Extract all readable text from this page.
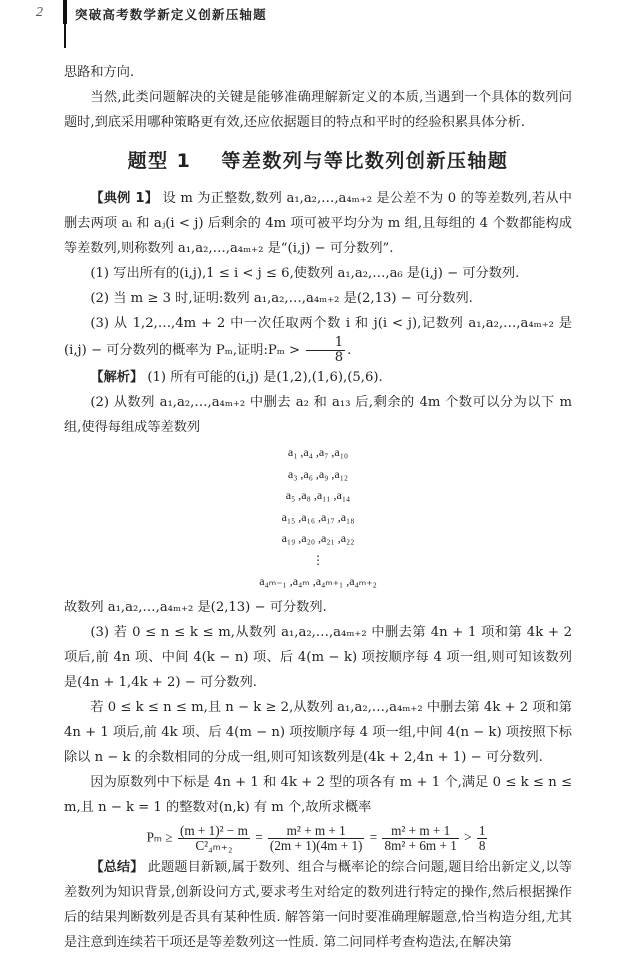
2	突破高考数学新定义创新压轴题

思路和方向.

当然,此类问题解决的关键是能够准确理解新定义的本质,当遇到一个具体的数列问题时,到底采用哪种策略更有效,还应依据题目的特点和平时的经验积累具体分析.

题型 1 等差数列与等比数列创新压轴题

【典例 1】 设 m 为正整数,数列 a₁,a₂,…,a₄ₘ₊₂ 是公差不为 0 的等差数列,若从中删去两项 aᵢ 和 aⱼ(i < j) 后剩余的 4m 项可被平均分为 m 组,且每组的 4 个数都能构成等差数列,则称数列 a₁,a₂,…,a₄ₘ₊₂ 是“(i,j) − 可分数列”.

(1) 写出所有的(i,j),1 ≤ i < j ≤ 6,使数列 a₁,a₂,…,a₆ 是(i,j) − 可分数列.

(2) 当 m ≥ 3 时,证明:数列 a₁,a₂,…,a₄ₘ₊₂ 是(2,13) − 可分数列.

(3) 从 1,2,…,4m + 2 中一次任取两个数 i 和 j(i < j),记数列 a₁,a₂,…,a₄ₘ₊₂ 是(i,j) − 可分数列的概率为 Pₘ,证明:Pₘ > $\frac{1}{8}$ .

【解析】 (1) 所有可能的(i,j) 是(1,2),(1,6),(5,6).

(2) 从数列 a₁,a₂,…,a₄ₘ₊₂ 中删去 a₂ 和 a₁₃ 后,剩余的 4m 个数可以分为以下 m 组,使得每组成等差数列

a₁ ,a₄ ,a₇ ,a₁₀
a₃ ,a₆ ,a₉ ,a₁₂
a₅ ,a₈ ,a₁₁ ,a₁₄
a₁₅ ,a₁₆ ,a₁₇ ,a₁₈
a₁₉ ,a₂₀ ,a₂₁ ,a₂₂
⋮
a₄ₘ₋₁ ,a₄ₘ ,a₄ₘ₊₁ ,a₄ₘ₊₂

故数列 a₁,a₂,…,a₄ₘ₊₂ 是(2,13) − 可分数列.

(3) 若 0 ≤ n ≤ k ≤ m,从数列 a₁,a₂,…,a₄ₘ₊₂ 中删去第 4n + 1 项和第 4k + 2 项后,前 4n 项、中间 4(k − n) 项、后 4(m − k) 项按顺序每 4 项一组,则可知该数列是(4n + 1,4k + 2) − 可分数列.

若 0 ≤ k ≤ n ≤ m,且 n − k ≥ 2,从数列 a₁,a₂,…,a₄ₘ₊₂ 中删去第 4k + 2 项和第 4n + 1 项后,前 4k 项、后 4(m − n) 项按顺序每 4 项一组,中间 4(n − k) 项按照下标除以 n − k 的余数相同的分成一组,则可知该数列是(4k + 2,4n + 1) − 可分数列.

因为原数列中下标是 4n + 1 和 4k + 2 型的项各有 m + 1 个,满足 0 ≤ k ≤ n ≤ m,且 n − k = 1 的整数对(n,k) 有 m 个,故所求概率

$P_m \ge \frac{\text{(m + 1)² − m}}{\text{C²₄ₘ₊₂}} = \frac{\text{m² + m + 1}}{(2m + 1)(4m + 1)} = \frac{\text{m² + m + 1}}{\text{8m² + 6m + 1}} > \frac{1}{8}$

【总结】 此题题目新颖,属于数列、组合与概率论的综合问题,题目给出新定义,以等差数列为知识背景,创新设问方式,要求考生对给定的数列进行特定的操作,然后根据操作后的结果判断数列是否具有某种性质. 解答第一问时要准确理解题意,恰当构造分组,尤其是注意到连续若干项还是等差数列这一性质. 第二问同样考查构造法,在解决第
